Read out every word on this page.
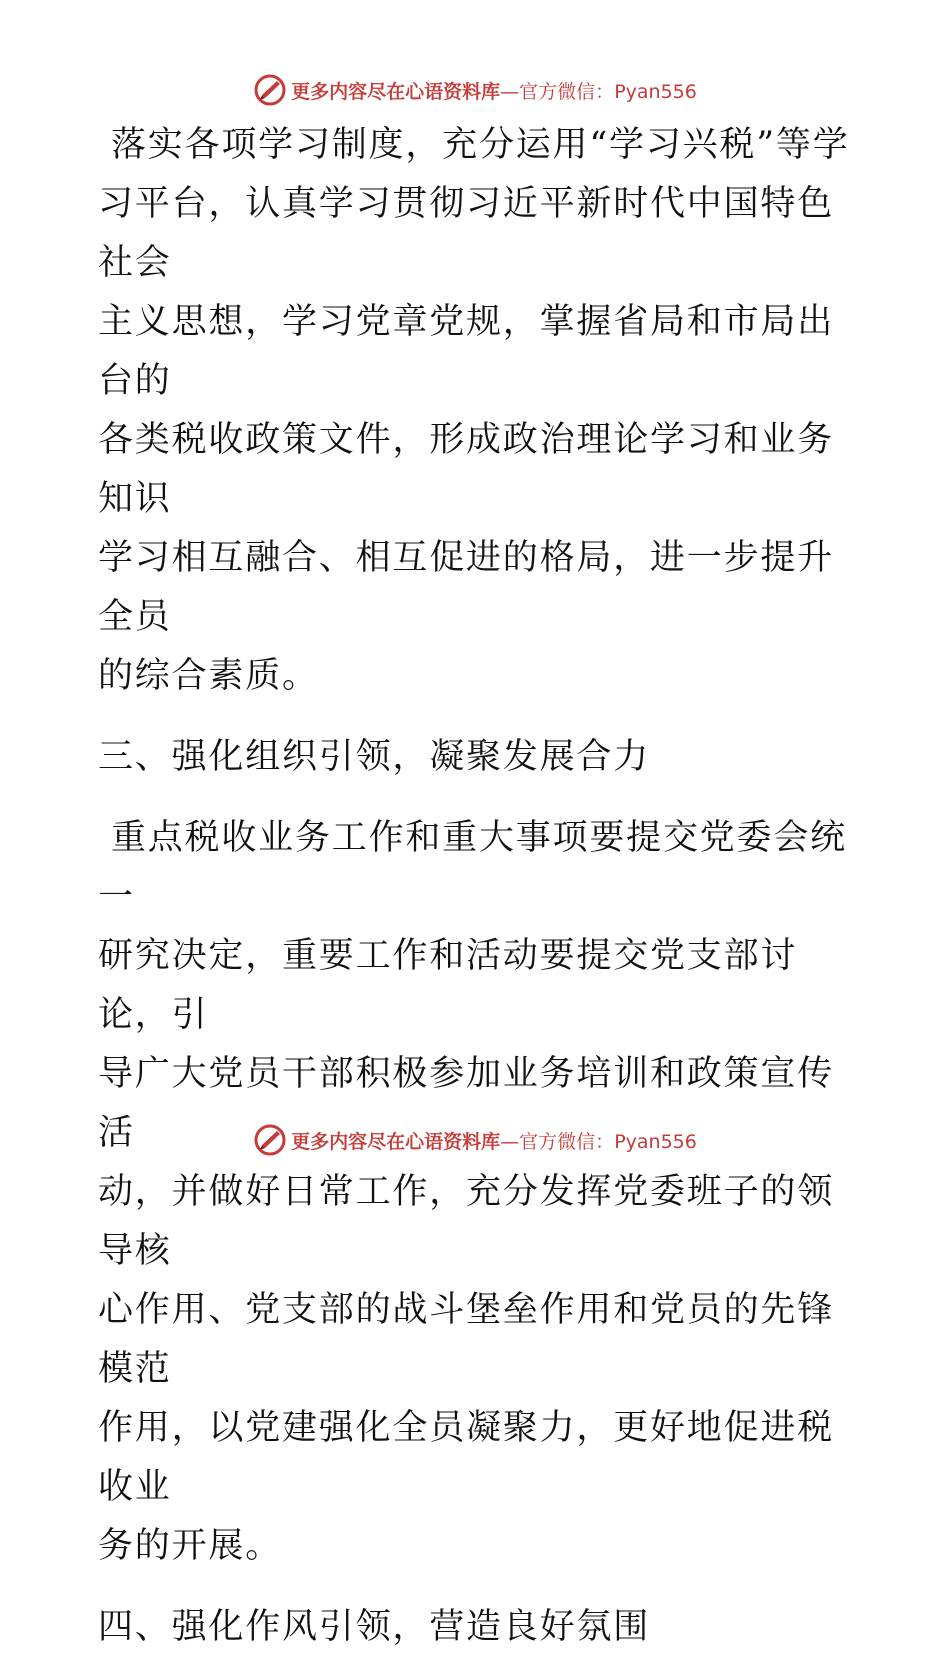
更多内容尽在心语资料库—官方微信：Pyan556

落实各项学习制度，充分运用“学习兴税”等学

习平台，认真学习贯彻习近平新时代中国特色社会

主义思想，学习党章党规，掌握省局和市局出台的

各类税收政策文件，形成政治理论学习和业务知识

学习相互融合、相互促进的格局，进一步提升全员

的综合素质。

三、强化组织引领，凝聚发展合力

重点税收业务工作和重大事项要提交党委会统一

研究决定，重要工作和活动要提交党支部讨论，引

导广大党员干部积极参加业务培训和政策宣传活

动，并做好日常工作，充分发挥党委班子的领导核

心作用、党支部的战斗堡垒作用和党员的先锋模范

作用，以党建强化全员凝聚力，更好地促进税收业

务的开展。

四、强化作风引领，营造良好氛围

更多内容尽在心语资料库—官方微信：Pyan556
